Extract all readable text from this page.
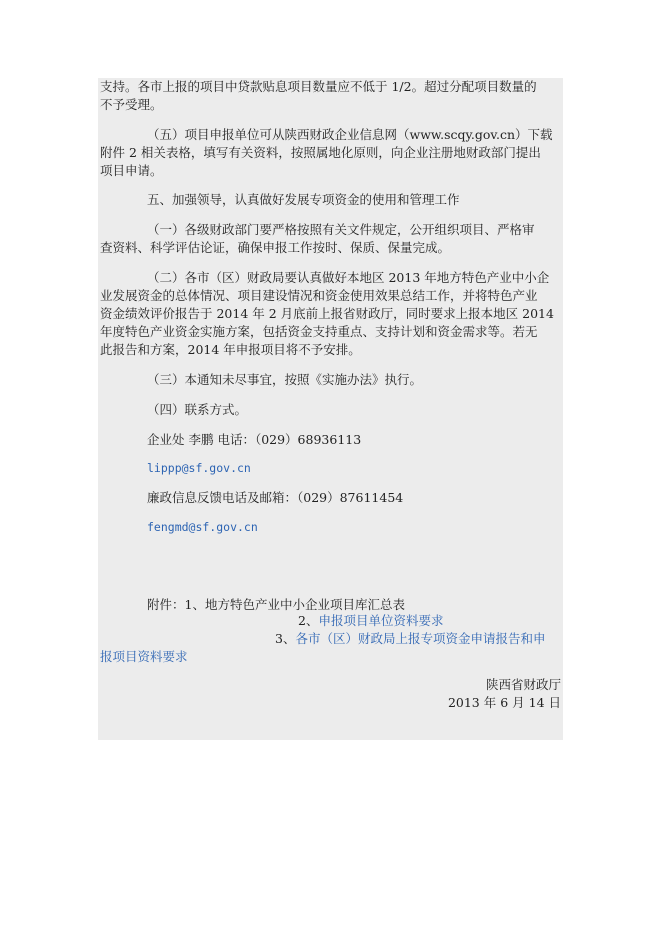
支持。各市上报的项目中贷款贴息项目数量应不低于 1/2。超过分配项目数量的
不予受理。
（五）项目申报单位可从陕西财政企业信息网（www.scqy.gov.cn）下载
附件 2 相关表格，填写有关资料，按照属地化原则，向企业注册地财政部门提出
项目申请。
五、加强领导，认真做好发展专项资金的使用和管理工作
（一）各级财政部门要严格按照有关文件规定，公开组织项目、严格审
查资料、科学评估论证，确保申报工作按时、保质、保量完成。
（二）各市（区）财政局要认真做好本地区 2013 年地方特色产业中小企
业发展资金的总体情况、项目建设情况和资金使用效果总结工作，并将特色产业
资金绩效评价报告于 2014 年 2 月底前上报省财政厅，同时要求上报本地区 2014
年度特色产业资金实施方案，包括资金支持重点、支持计划和资金需求等。若无
此报告和方案，2014 年申报项目将不予安排。
（三）本通知未尽事宜，按照《实施办法》执行。
（四）联系方式。
企业处 李鹏 电话：（029）68936113
lippp@sf.gov.cn
廉政信息反馈电话及邮箱：（029）87611454
fengmd@sf.gov.cn
附件：1、地方特色产业中小企业项目库汇总表
2、申报项目单位资料要求
3、各市（区）财政局上报专项资金申请报告和申
报项目资料要求
陕西省财政厅
2013 年 6 月 14 日
